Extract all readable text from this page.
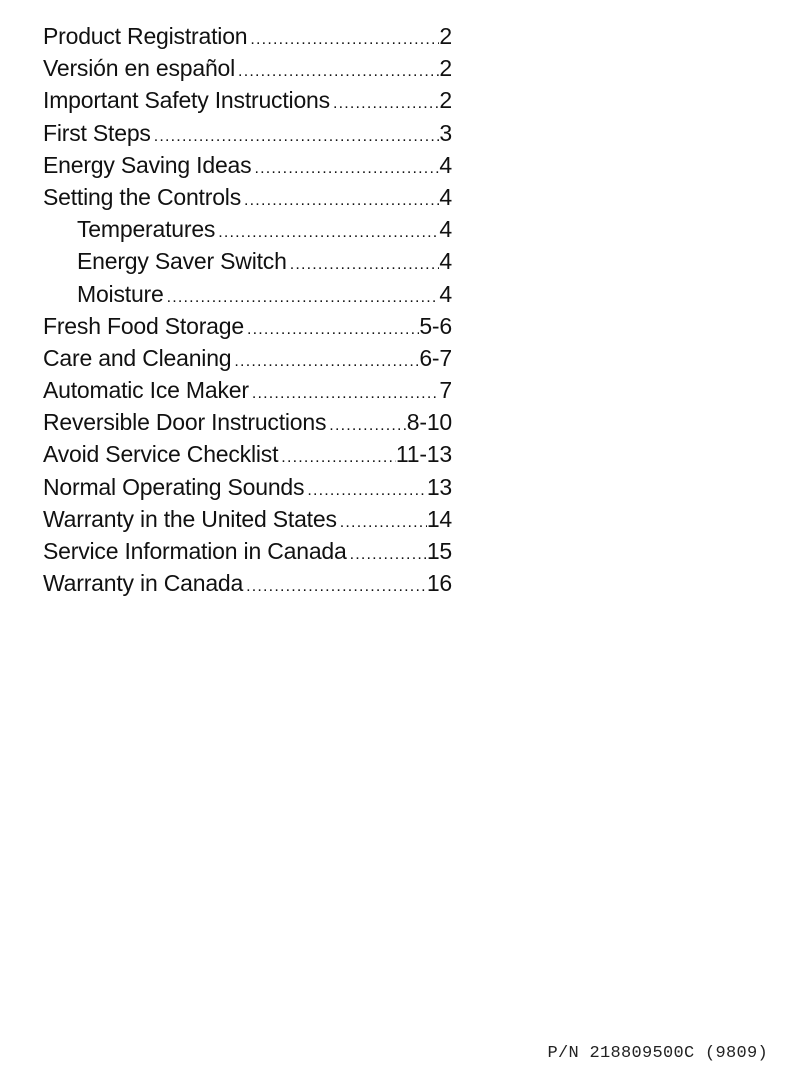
Product Registration .....	2
Versión en español .....	2
Important Safety Instructions .....	2
First Steps .....	3
Energy Saving Ideas .....	4
Setting the Controls .....	4
Temperatures .....	4
Energy Saver Switch .....	4
Moisture .....	4
Fresh Food Storage .....	5-6
Care and Cleaning .....	6-7
Automatic Ice Maker .....	7
Reversible Door Instructions .....	8-10
Avoid Service Checklist .....	11-13
Normal Operating Sounds .....	13
Warranty in the United States .....	14
Service Information in Canada .....	15
Warranty in Canada .....	16
P/N 218809500C (9809)
